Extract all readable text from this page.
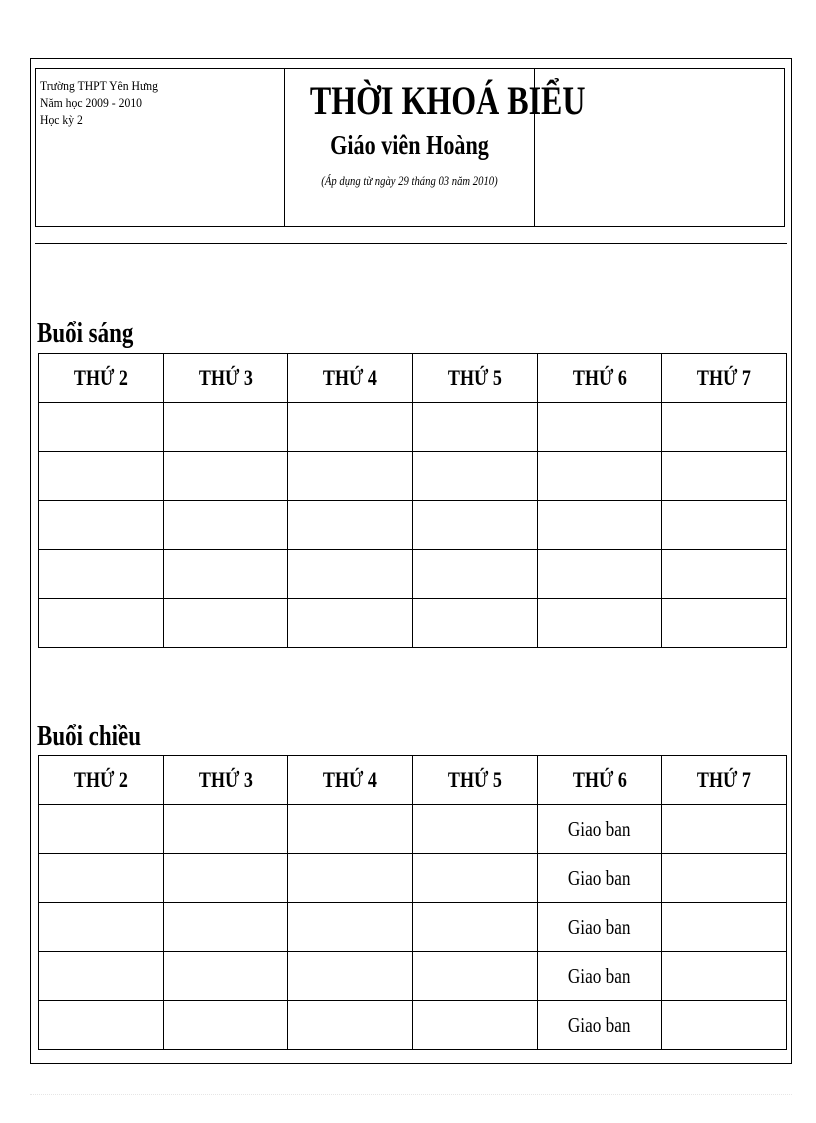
Trường THPT Yên Hưng
Năm học 2009 - 2010
Học kỳ 2	THỜI KHOÁ BIỂU
Giáo viên Hoàng
(Áp dụng từ ngày 29 tháng 03 năm 2010)
Buổi sáng
THỨ 2	THỨ 3	THỨ 4	THỨ 5	THỨ 6	THỨ 7

Buổi chiều
THỨ 2	THỨ 3	THỨ 4	THỨ 5	THỨ 6	THỨ 7
				Giao ban	
				Giao ban	
				Giao ban	
				Giao ban	
				Giao ban	
